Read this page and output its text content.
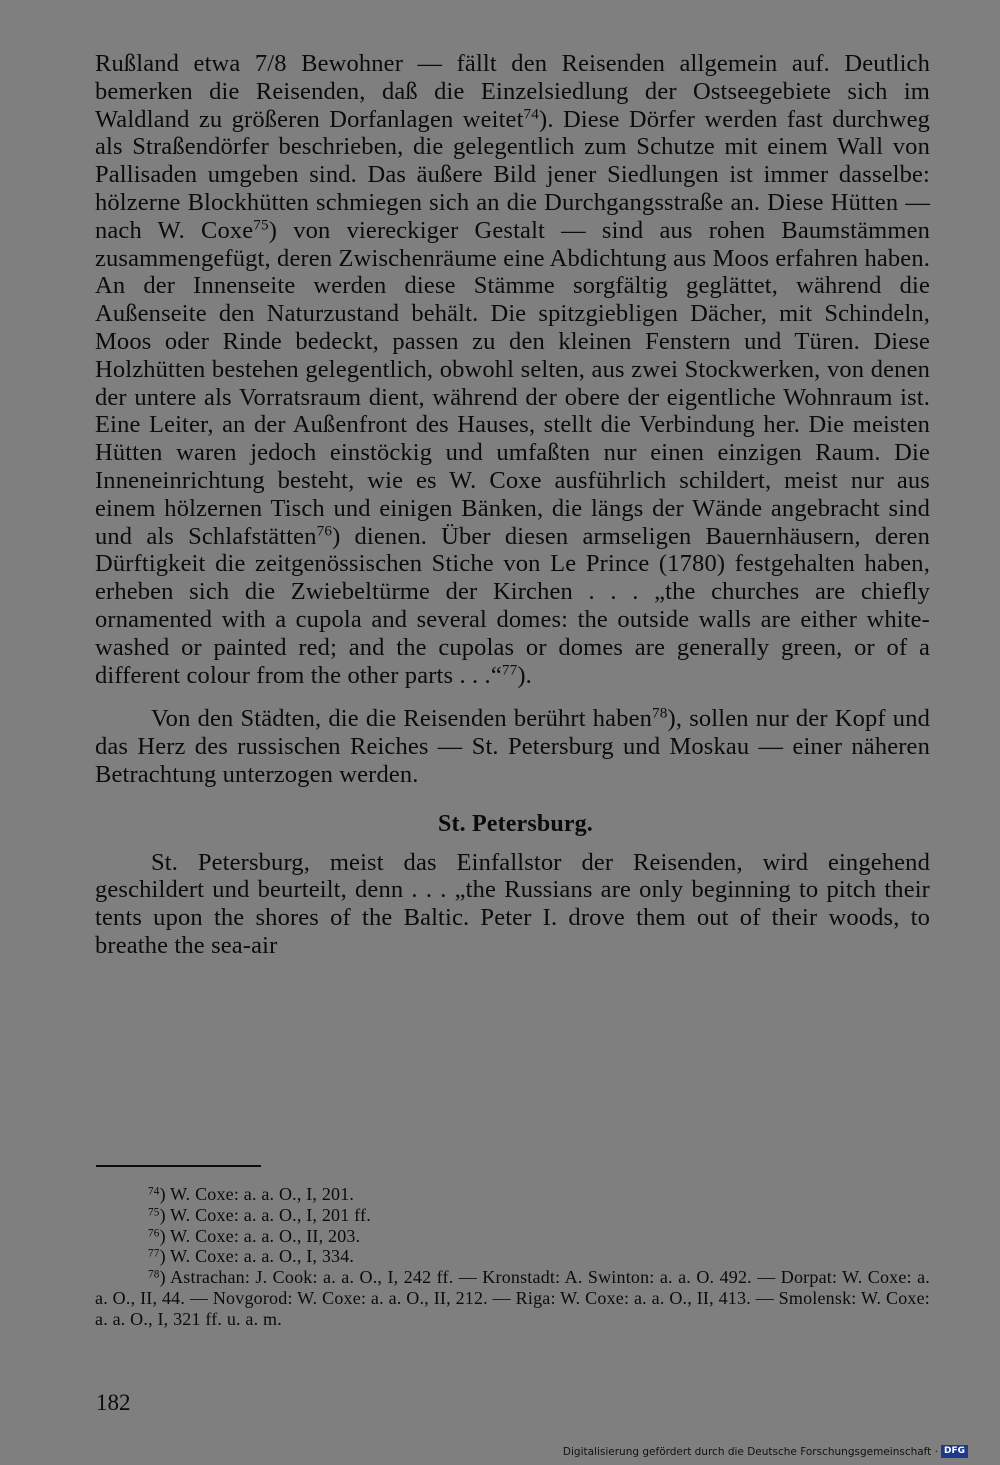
Rußland etwa 7/8 Bewohner — fällt den Reisenden allgemein auf. Deutlich bemerken die Reisenden, daß die Einzelsiedlung der Ostseegebiete sich im Waldland zu größeren Dorfanlagen weitet$^{74}$). Diese Dörfer werden fast durchweg als Straßendörfer beschrieben, die gelegentlich zum Schutze mit einem Wall von Pallisaden umgeben sind. Das äußere Bild jener Siedlungen ist immer dasselbe: hölzerne Blockhütten schmiegen sich an die Durchgangsstraße an. Diese Hütten — nach W. Coxe$^{75}$) von viereckiger Gestalt — sind aus rohen Baumstämmen zusammengefügt, deren Zwischenräume eine Abdichtung aus Moos erfahren haben. An der Innenseite werden diese Stämme sorgfältig geglättet, während die Außenseite den Naturzustand behält. Die spitzgiebligen Dächer, mit Schindeln, Moos oder Rinde bedeckt, passen zu den kleinen Fenstern und Türen. Diese Holzhütten bestehen gelegentlich, obwohl selten, aus zwei Stockwerken, von denen der untere als Vorratsraum dient, während der obere der eigentliche Wohnraum ist. Eine Leiter, an der Außenfront des Hauses, stellt die Verbindung her. Die meisten Hütten waren jedoch einstöckig und umfaßten nur einen einzigen Raum. Die Inneneinrichtung besteht, wie es W. Coxe ausführlich schildert, meist nur aus einem hölzernen Tisch und einigen Bänken, die längs der Wände angebracht sind und als Schlafstätten$^{76}$) dienen. Über diesen armseligen Bauernhäusern, deren Dürftigkeit die zeitgenössischen Stiche von Le Prince (1780) festgehalten haben, erheben sich die Zwiebeltürme der Kirchen . . . „the churches are chiefly ornamented with a cupola and several domes: the outside walls are either white-washed or painted red; and the cupolas or domes are generally green, or of a different colour from the other parts . . .“$^{77}$).

Von den Städten, die die Reisenden berührt haben$^{78}$), sollen nur der Kopf und das Herz des russischen Reiches — St. Petersburg und Moskau — einer näheren Betrachtung unterzogen werden.

St. Petersburg.

St. Petersburg, meist das Einfallstor der Reisenden, wird eingehend geschildert und beurteilt, denn . . . „the Russians are only beginning to pitch their tents upon the shores of the Baltic. Peter I. drove them out of their woods, to breathe the sea-air

$^{74}$) W. Coxe: a. a. O., I, 201.

$^{75}$) W. Coxe: a. a. O., I, 201 ff.

$^{76}$) W. Coxe: a. a. O., II, 203.

$^{77}$) W. Coxe: a. a. O., I, 334.

$^{78}$) Astrachan: J. Cook: a. a. O., I, 242 ff. — Kronstadt: A. Swinton: a. a. O. 492. — Dorpat: W. Coxe: a. a. O., II, 44. — Novgorod: W. Coxe: a. a. O., II, 212. — Riga: W. Coxe: a. a. O., II, 413. — Smolensk: W. Coxe: a. a. O., I, 321 ff. u. a. m.

182
Digitalisierung gefördert durch die Deutsche Forschungsgemeinschaft · DFG
